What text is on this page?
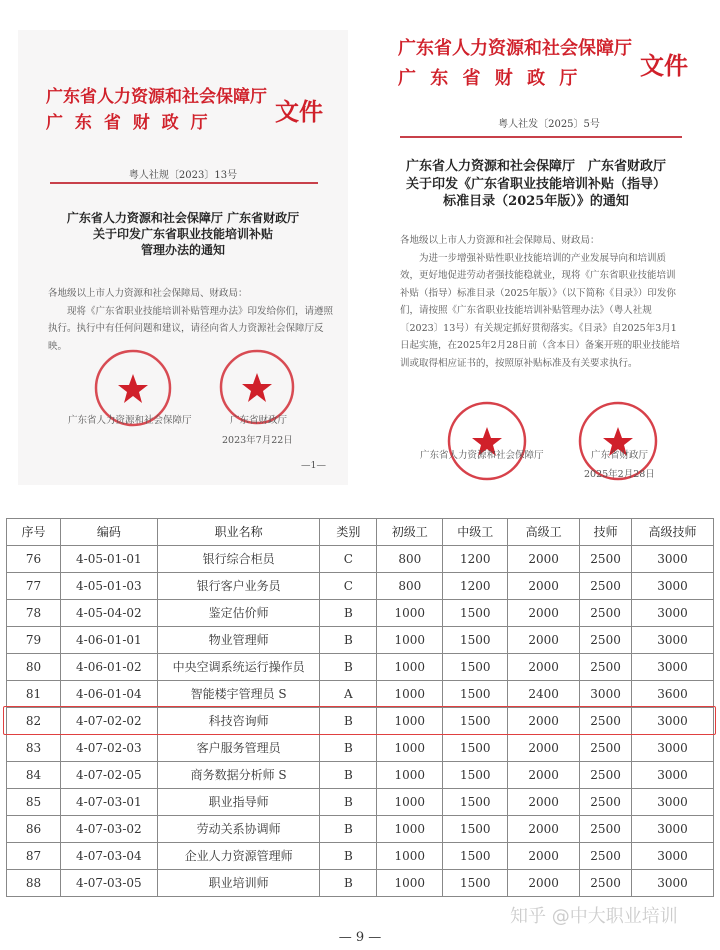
广东省人力资源和社会保障厅
广 东 省 财 政 厅	文件
粤人社规〔2023〕13号
广东省人力资源和社会保障厅 广东省财政厅
关于印发广东省职业技能培训补贴
管理办法的通知
各地级以上市人力资源和社会保障局、财政局：
现将《广东省职业技能培训补贴管理办法》印发给你们，请遵照执行。执行中有任何问题和建议，请径向省人力资源社会保障厅反映。
广东省人力资源和社会保障厅	广东省财政厅
2023年7月22日
—1—
广东省人力资源和社会保障厅
广 东 省 财 政 厅 文件
粤人社发〔2025〕5号
广东省人力资源和社会保障厅　广东省财政厅
关于印发《广东省职业技能培训补贴（指导）
标准目录（2025年版）》的通知
各地级以上市人力资源和社会保障局、财政局：
为进一步增强补贴性职业技能培训的产业发展导向和培训质效，更好地促进劳动者强技能稳就业，现将《广东省职业技能培训补贴（指导）标准目录（2025年版）》（以下简称《目录》）印发你们，请按照《广东省职业技能培训补贴管理办法》（粤人社规〔2023〕13号）有关规定抓好贯彻落实。《目录》自2025年3月1日起实施，在2025年2月28日前（含本日）备案开班的职业技能培训或取得相应证书的，按照原补贴标准及有关要求执行。
广东省人力资源和社会保障厅	广东省财政厅
2025年2月28日
序号	编码	职业名称	类别	初级工	中级工	高级工	技师	高级技师
76	4-05-01-01	银行综合柜员	C	800	1200	2000	2500	3000
77	4-05-01-03	银行客户业务员	C	800	1200	2000	2500	3000
78	4-05-04-02	鉴定估价师	B	1000	1500	2000	2500	3000
79	4-06-01-01	物业管理师	B	1000	1500	2000	2500	3000
80	4-06-01-02	中央空调系统运行操作员	B	1000	1500	2000	2500	3000
81	4-06-01-04	智能楼宇管理员 S	A	1000	1500	2400	3000	3600
82	4-07-02-02	科技咨询师	B	1000	1500	2000	2500	3000
83	4-07-02-03	客户服务管理员	B	1000	1500	2000	2500	3000
84	4-07-02-05	商务数据分析师 S	B	1000	1500	2000	2500	3000
85	4-07-03-01	职业指导师	B	1000	1500	2000	2500	3000
86	4-07-03-02	劳动关系协调师	B	1000	1500	2000	2500	3000
87	4-07-03-04	企业人力资源管理师	B	1000	1500	2000	2500	3000
88	4-07-03-05	职业培训师	B	1000	1500	2000	2500	3000
知乎 @中大职业培训
— 9 —
